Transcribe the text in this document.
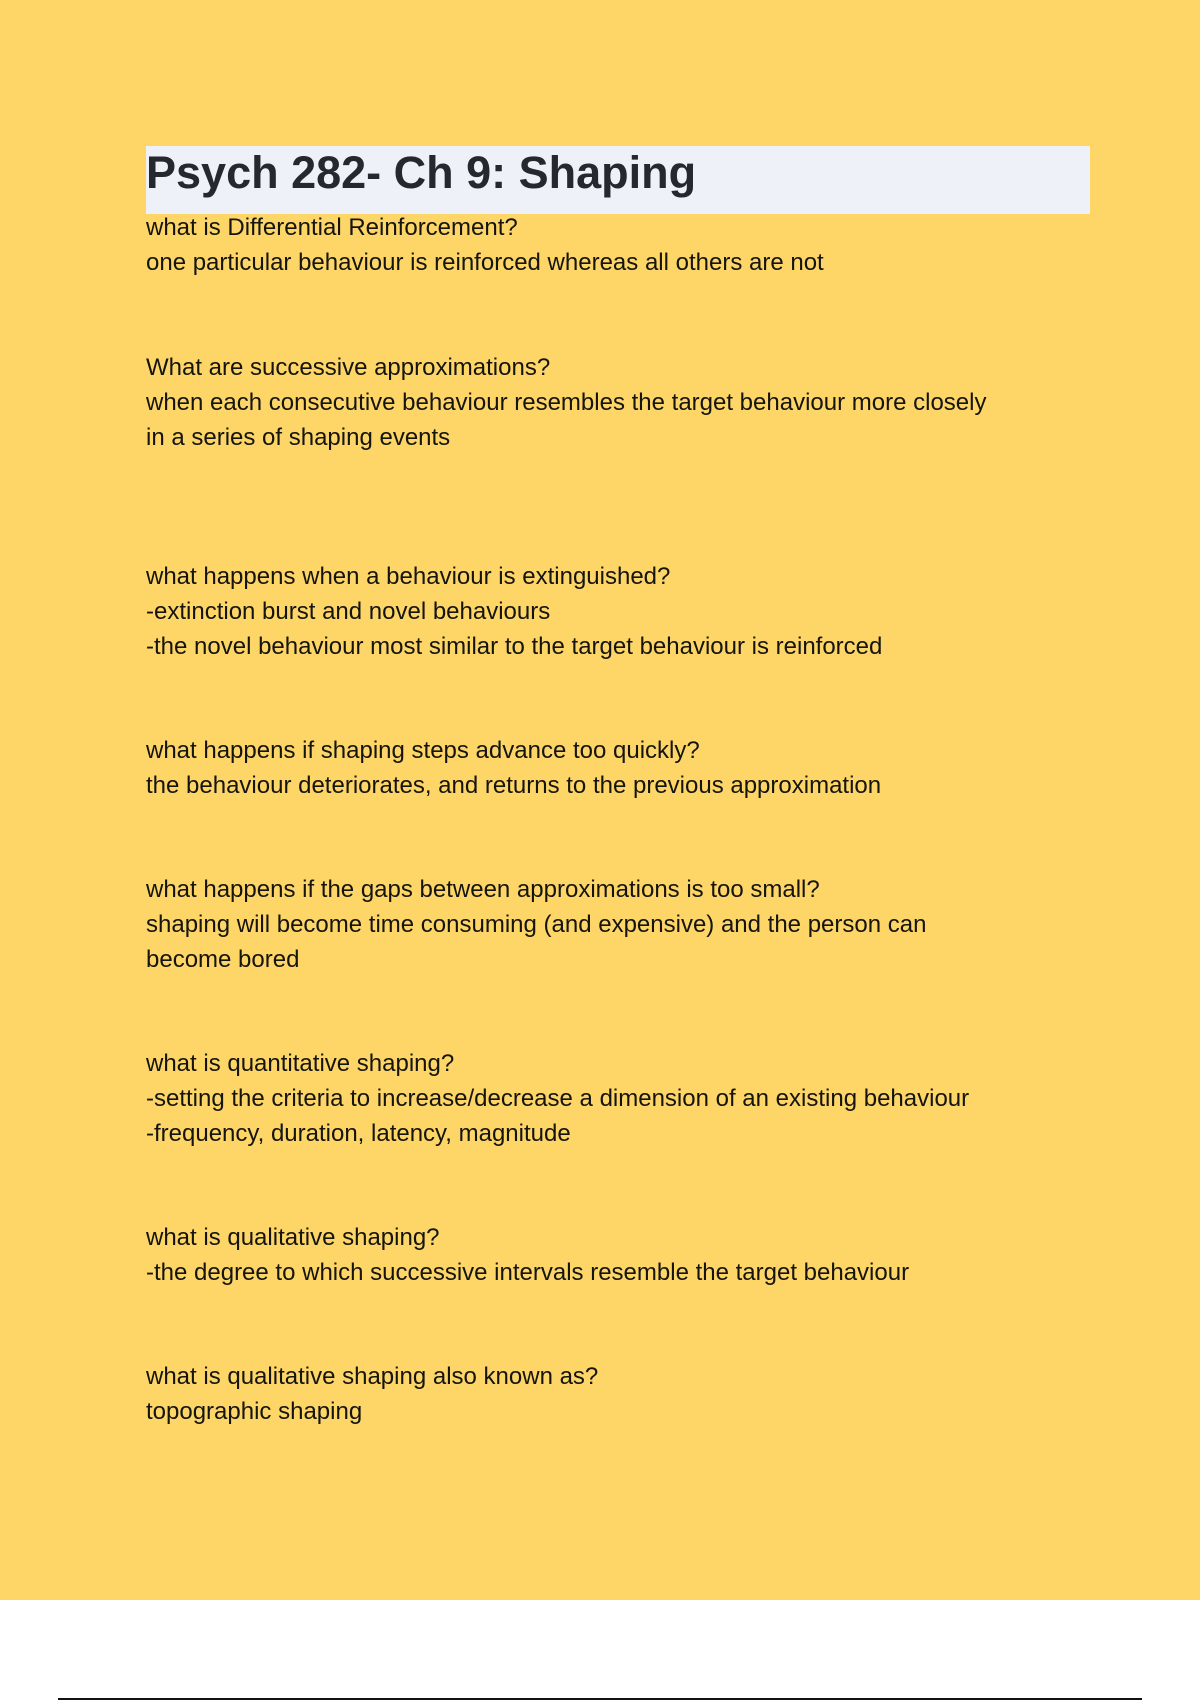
Psych 282- Ch 9: Shaping
what is Differential Reinforcement?
one particular behaviour is reinforced whereas all others are not
What are successive approximations?
when each consecutive behaviour resembles the target behaviour more closely
in a series of shaping events
what happens when a behaviour is extinguished?
-extinction burst and novel behaviours
-the novel behaviour most similar to the target behaviour is reinforced
what happens if shaping steps advance too quickly?
the behaviour deteriorates, and returns to the previous approximation
what happens if the gaps between approximations is too small?
shaping will become time consuming (and expensive) and the person can
become bored
what is quantitative shaping?
-setting the criteria to increase/decrease a dimension of an existing behaviour
-frequency, duration, latency, magnitude
what is qualitative shaping?
-the degree to which successive intervals resemble the target behaviour
what is qualitative shaping also known as?
topographic shaping
